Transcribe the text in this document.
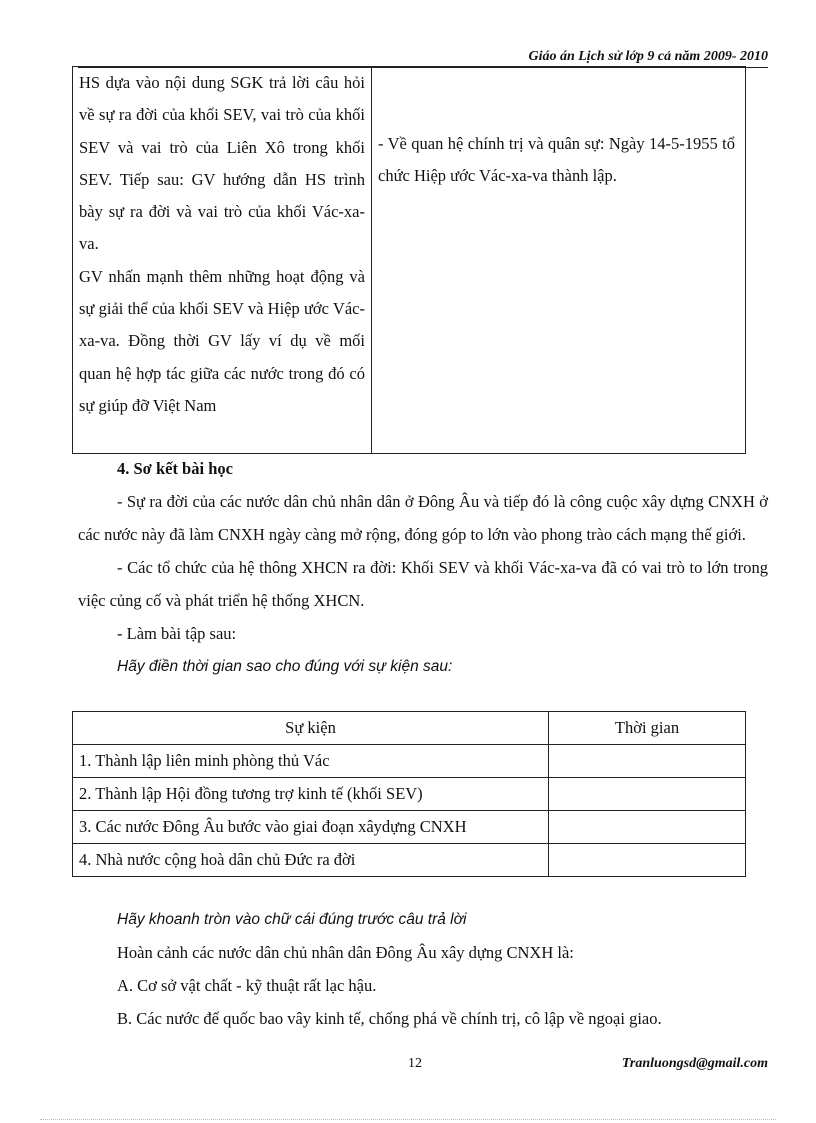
Giáo án Lịch sử lớp 9 cả năm 2009- 2010

HS dựa vào nội dung SGK trả lời câu hỏi về sự ra đời của khối SEV, vai trò của khối SEV và vai trò của Liên Xô trong khối SEV. Tiếp sau: GV hướng dẫn HS trình bày sự ra đời và vai trò của khối Vác-xa-va.

GV nhấn mạnh thêm những hoạt động và sự giải thể của khối SEV và Hiệp ước Vác-xa-va. Đồng thời GV lấy ví dụ về mối quan hệ hợp tác giữa các nước trong đó có sự giúp đỡ Việt Nam

- Về quan hệ chính trị và quân sự: Ngày 14-5-1955 tổ chức Hiệp ước Vác-xa-va thành lập.

4. Sơ kết bài học

- Sự ra đời của các nước dân chủ nhân dân ở Đông Âu và tiếp đó là công cuộc xây dựng CNXH ở các nước này đã làm CNXH ngày càng mở rộng, đóng góp to lớn vào phong trào cách mạng thế giới.

- Các tổ chức của hệ thông XHCN ra đời: Khối SEV và khối Vác-xa-va đã có vai trò to lớn trong việc củng cố và phát triển hệ thống XHCN.

- Làm bài tập sau:

Hãy điền thời gian sao cho đúng với sự kiện sau:

Sự kiện	Thời gian
1. Thành lập liên minh phòng thủ Vác	
2. Thành lập Hội đồng tương trợ kinh tế (khối SEV)	
3. Các nước Đông Âu bước vào giai đoạn xâydựng CNXH	
4. Nhà nước cộng hoà dân chủ Đức ra đời	

Hãy khoanh tròn vào chữ cái đúng trước câu trả lời

Hoàn cảnh các nước dân chủ nhân dân Đông Âu xây dựng CNXH là:

A. Cơ sở vật chất - kỹ thuật rất lạc hậu.

B. Các nước đế quốc bao vây kinh tế, chống phá về chính trị, cô lập về ngoại giao.

12	Tranluongsd@gmail.com
